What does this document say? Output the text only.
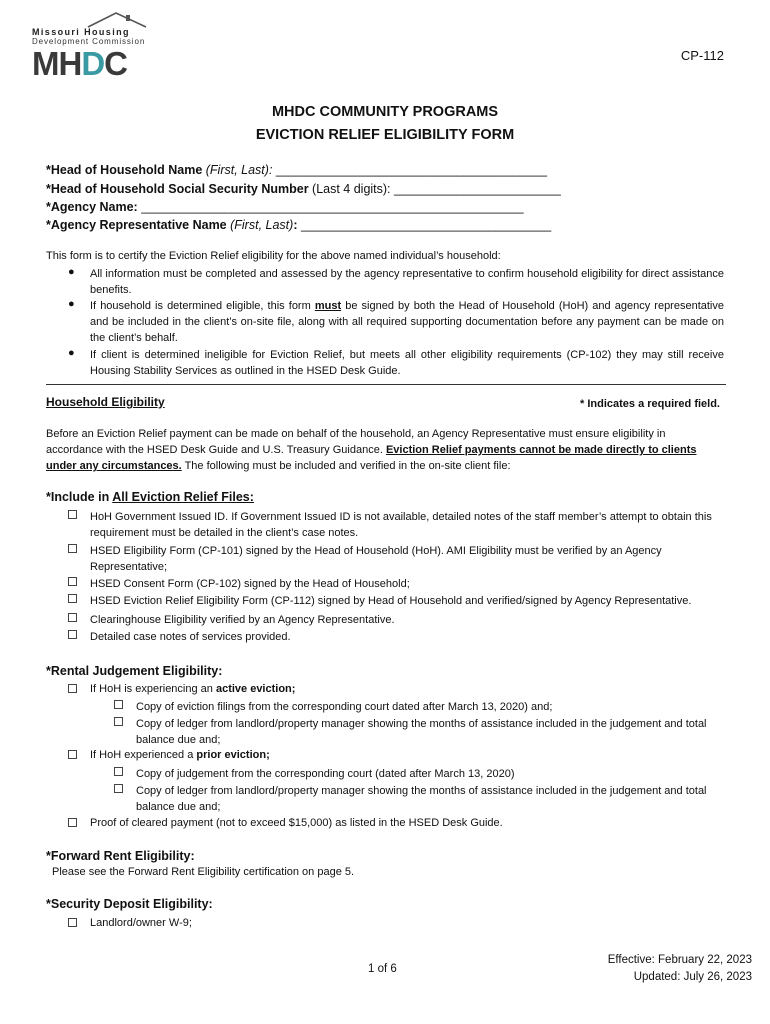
Missouri Housing
Development Commission
MHDC	CP-112
MHDC COMMUNITY PROGRAMS
EVICTION RELIEF ELIGIBILITY FORM
*Head of Household Name (First, Last): _______________________________________
*Head of Household Social Security Number (Last 4 digits): ________________________
*Agency Name: _______________________________________________________
*Agency Representative Name (First, Last): ____________________________________
This form is to certify the Eviction Relief eligibility for the above named individual’s household:
●	All information must be completed and assessed by the agency representative to confirm household eligibility for direct assistance benefits.
●	If household is determined eligible, this form must be signed by both the Head of Household (HoH) and agency representative and be included in the client’s on-site file, along with all required supporting documentation before any payment can be made on the client’s behalf.
●	If client is determined ineligible for Eviction Relief, but meets all other eligibility requirements (CP-102) they may still receive Housing Stability Services as outlined in the HSED Desk Guide.
Household Eligibility	* Indicates a required field.
Before an Eviction Relief payment can be made on behalf of the household, an Agency Representative must ensure eligibility in accordance with the HSED Desk Guide and U.S. Treasury Guidance. Eviction Relief payments cannot be made directly to clients under any circumstances. The following must be included and verified in the on-site client file:
*Include in All Eviction Relief Files:
HoH Government Issued ID. If Government Issued ID is not available, detailed notes of the staff member’s attempt to obtain this requirement must be detailed in the client’s case notes.
HSED Eligibility Form (CP-101) signed by the Head of Household (HoH). AMI Eligibility must be verified by an Agency Representative;
HSED Consent Form (CP-102) signed by the Head of Household;
HSED Eviction Relief Eligibility Form (CP-112) signed by Head of Household and verified/signed by Agency Representative.
Clearinghouse Eligibility verified by an Agency Representative.
Detailed case notes of services provided.
*Rental Judgement Eligibility:
If HoH is experiencing an active eviction;
Copy of eviction filings from the corresponding court dated after March 13, 2020) and;
Copy of ledger from landlord/property manager showing the months of assistance included in the judgement and total balance due and;
If HoH experienced a prior eviction;
Copy of judgement from the corresponding court (dated after March 13, 2020)
Copy of ledger from landlord/property manager showing the months of assistance included in the judgement and total balance due and;
Proof of cleared payment (not to exceed $15,000) as listed in the HSED Desk Guide.
*Forward Rent Eligibility:
Please see the Forward Rent Eligibility certification on page 5.
*Security Deposit Eligibility:
Landlord/owner W-9;
1 of 6
Effective: February 22, 2023
Updated: July 26, 2023
